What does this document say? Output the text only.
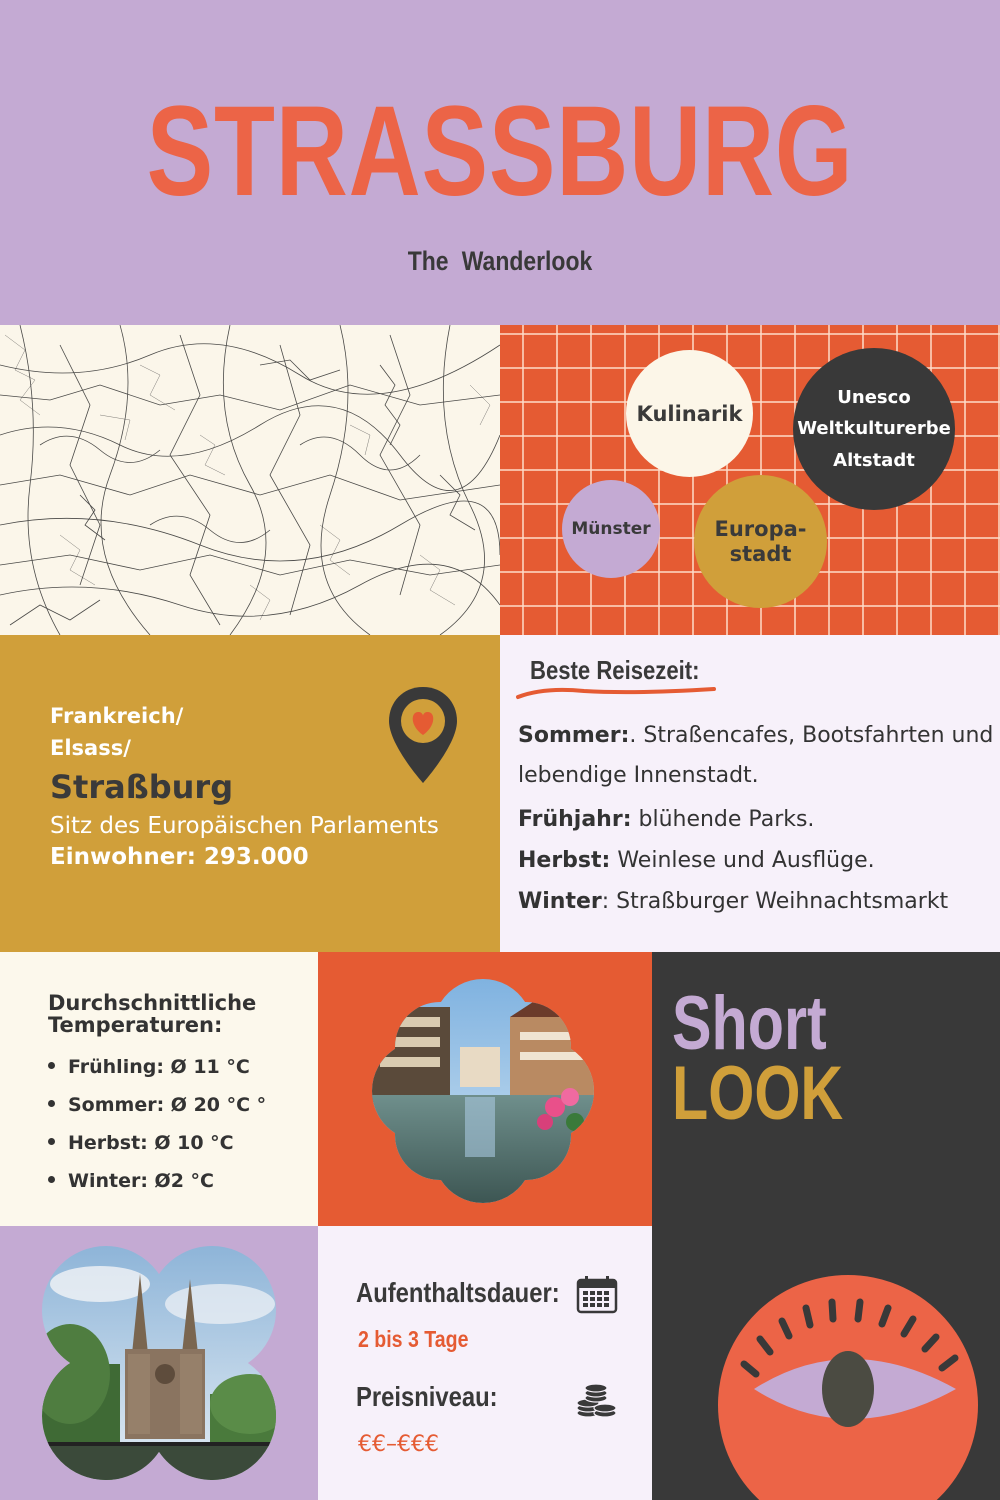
STRASSBURG
The Wanderlook
Kulinarik
Unesco
Weltkulturerbe
Altstadt
Münster	Europa-
stadt
Frankreich/
Elsass/
Straßburg
Sitz des Europäischen Parlaments
Einwohner: 293.000
Beste Reisezeit:
Sommer:. Straßencafes, Bootsfahrten und
lebendige Innenstadt.
Frühjahr: blühende Parks.
Herbst: Weinlese und Ausflüge.
Winter: Straßburger Weihnachtsmarkt
Durchschnittliche
Temperaturen:
Frühling: Ø 11 °C
Sommer: Ø 20 °C °
Herbst: Ø 10 °C
Winter: Ø2 °C
Short
LOOK
Aufenthaltsdauer:
2 bis 3 Tage
Preisniveau:
€€–€€€
